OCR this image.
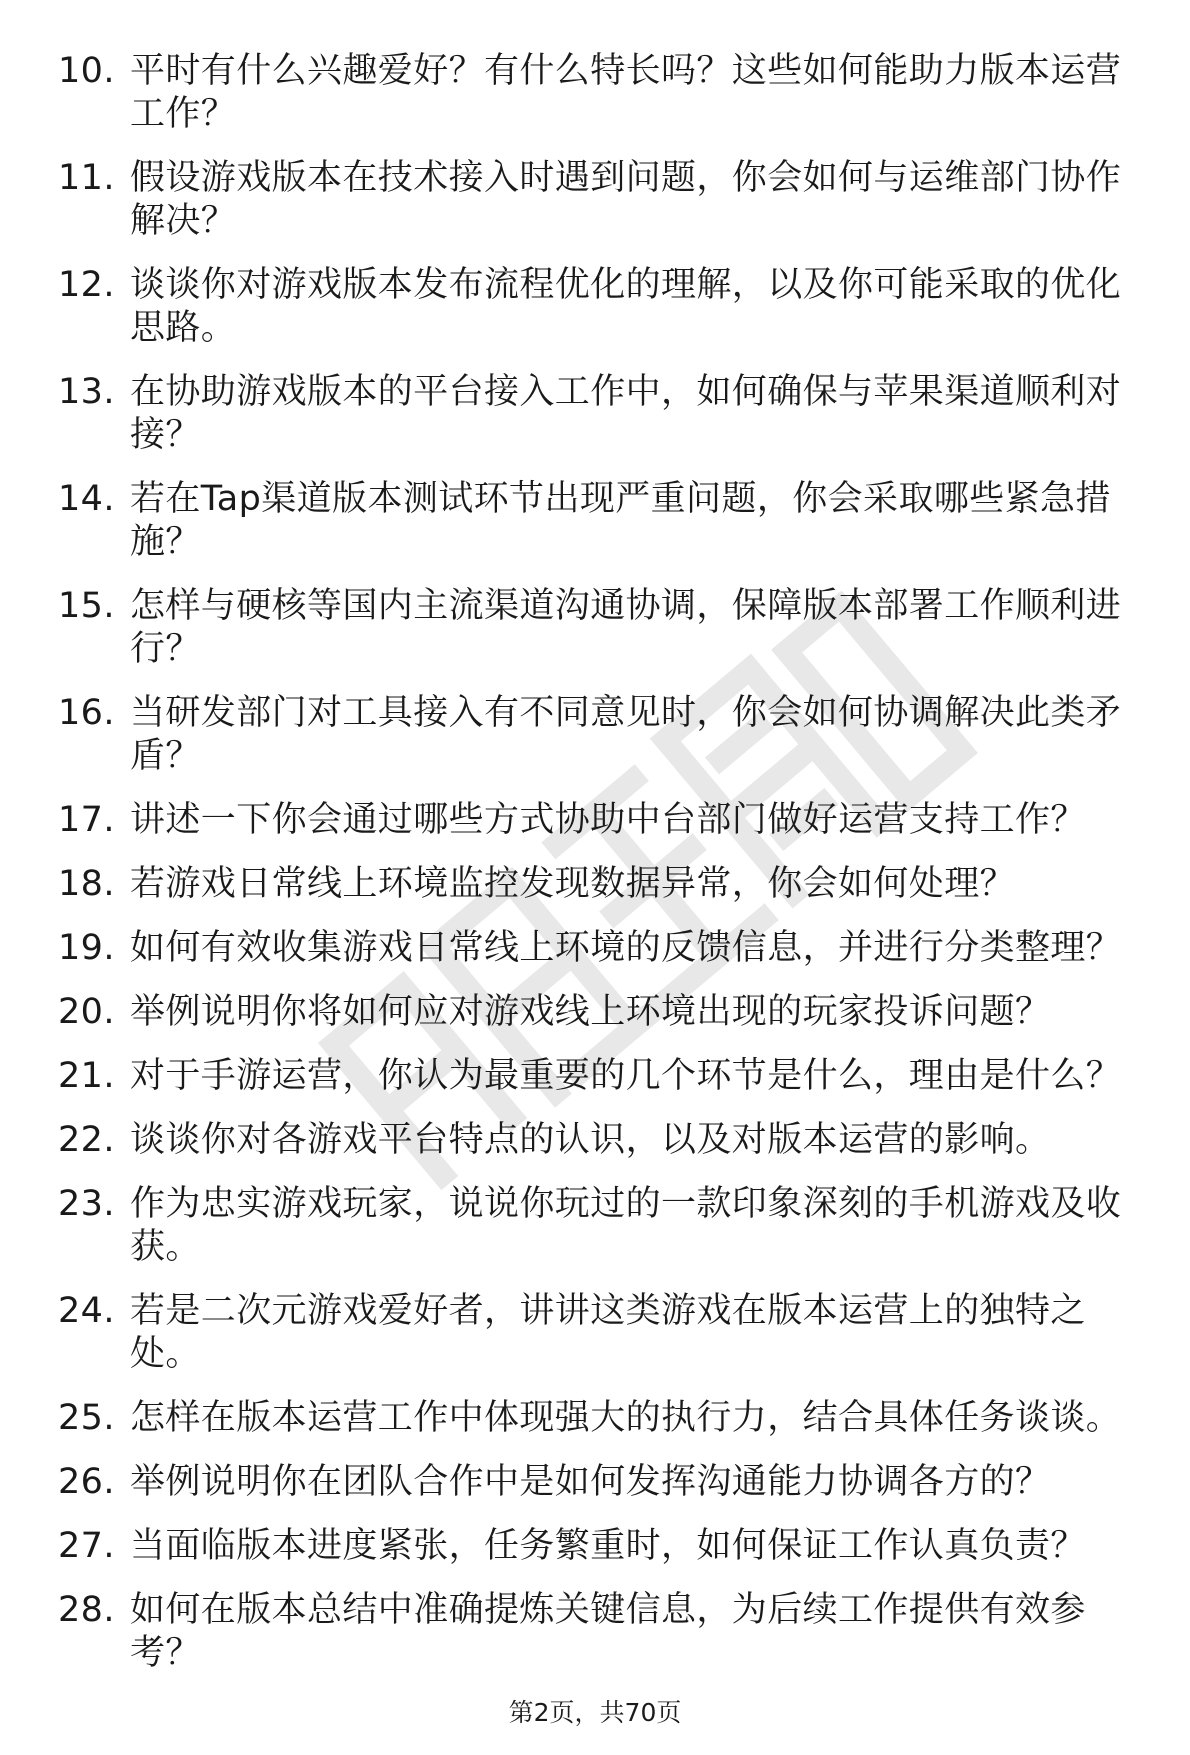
10. 平时有什么兴趣爱好？有什么特长吗？这些如何能助力版本运营工作？
11. 假设游戏版本在技术接入时遇到问题，你会如何与运维部门协作解决？
12. 谈谈你对游戏版本发布流程优化的理解，以及你可能采取的优化思路。
13. 在协助游戏版本的平台接入工作中，如何确保与苹果渠道顺利对接？
14. 若在Tap渠道版本测试环节出现严重问题，你会采取哪些紧急措施？
15. 怎样与硬核等国内主流渠道沟通协调，保障版本部署工作顺利进行？
16. 当研发部门对工具接入有不同意见时，你会如何协调解决此类矛盾？
17. 讲述一下你会通过哪些方式协助中台部门做好运营支持工作？
18. 若游戏日常线上环境监控发现数据异常，你会如何处理？
19. 如何有效收集游戏日常线上环境的反馈信息，并进行分类整理？
20. 举例说明你将如何应对游戏线上环境出现的玩家投诉问题？
21. 对于手游运营，你认为最重要的几个环节是什么，理由是什么？
22. 谈谈你对各游戏平台特点的认识，以及对版本运营的影响。
23. 作为忠实游戏玩家，说说你玩过的一款印象深刻的手机游戏及收获。
24. 若是二次元游戏爱好者，讲讲这类游戏在版本运营上的独特之处。
25. 怎样在版本运营工作中体现强大的执行力，结合具体任务谈谈。
26. 举例说明你在团队合作中是如何发挥沟通能力协调各方的？
27. 当面临版本进度紧张，任务繁重时，如何保证工作认真负责？
28. 如何在版本总结中准确提炼关键信息，为后续工作提供有效参考？
第2页，共70页
